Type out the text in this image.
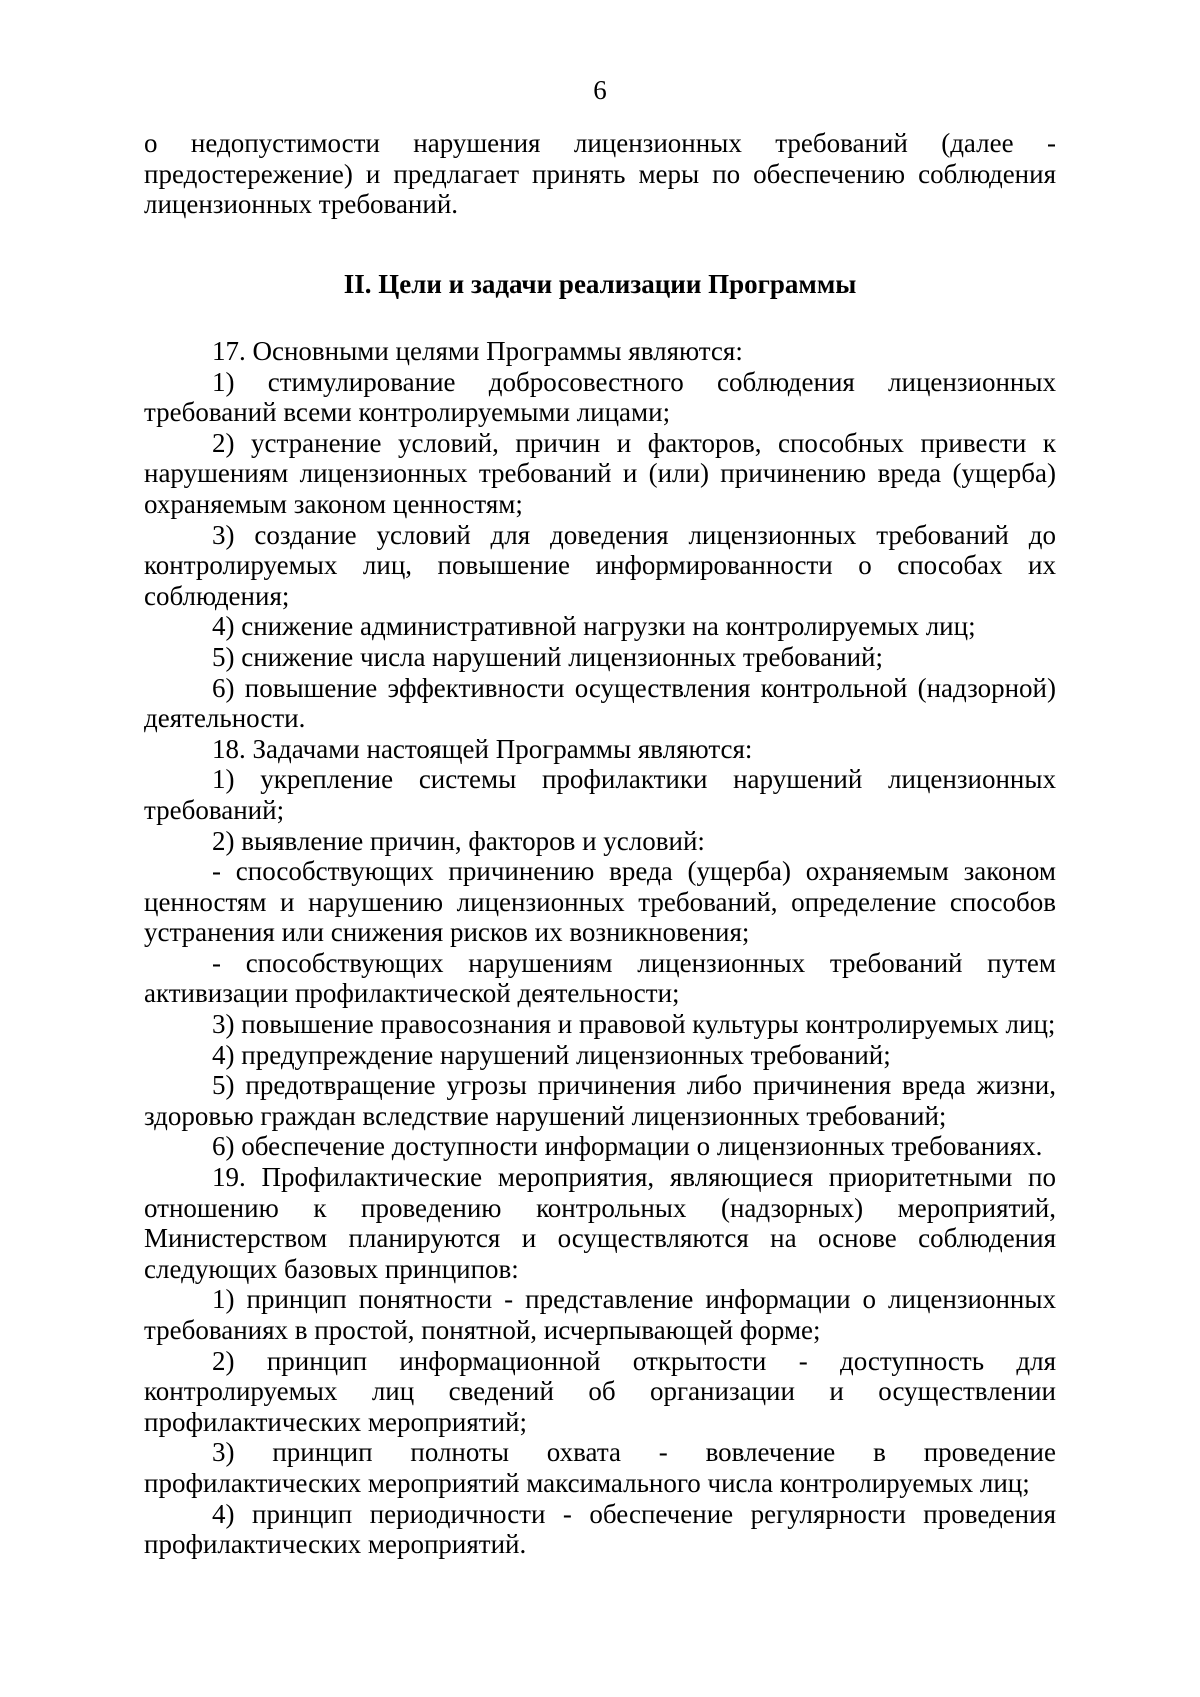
6

о недопустимости нарушения лицензионных требований (далее - предостережение) и предлагает принять меры по обеспечению соблюдения лицензионных требований.

II. Цели и задачи реализации Программы

17. Основными целями Программы являются:

1) стимулирование добросовестного соблюдения лицензионных требований всеми контролируемыми лицами;

2) устранение условий, причин и факторов, способных привести к нарушениям лицензионных требований и (или) причинению вреда (ущерба) охраняемым законом ценностям;

3) создание условий для доведения лицензионных требований до контролируемых лиц, повышение информированности о способах их соблюдения;

4) снижение административной нагрузки на контролируемых лиц;

5) снижение числа нарушений лицензионных требований;

6) повышение эффективности осуществления контрольной (надзорной) деятельности.

18. Задачами настоящей Программы являются:

1) укрепление системы профилактики нарушений лицензионных требований;

2) выявление причин, факторов и условий:

- способствующих причинению вреда (ущерба) охраняемым законом ценностям и нарушению лицензионных требований, определение способов устранения или снижения рисков их возникновения;

- способствующих нарушениям лицензионных требований путем активизации профилактической деятельности;

3) повышение правосознания и правовой культуры контролируемых лиц;

4) предупреждение нарушений лицензионных требований;

5) предотвращение угрозы причинения либо причинения вреда жизни, здоровью граждан вследствие нарушений лицензионных требований;

6) обеспечение доступности информации о лицензионных требованиях.

19. Профилактические мероприятия, являющиеся приоритетными по отношению к проведению контрольных (надзорных) мероприятий, Министерством планируются и осуществляются на основе соблюдения следующих базовых принципов:

1) принцип понятности - представление информации о лицензионных требованиях в простой, понятной, исчерпывающей форме;

2) принцип информационной открытости - доступность для контролируемых лиц сведений об организации и осуществлении профилактических мероприятий;

3) принцип полноты охвата - вовлечение в проведение профилактических мероприятий максимального числа контролируемых лиц;

4) принцип периодичности - обеспечение регулярности проведения профилактических мероприятий.
